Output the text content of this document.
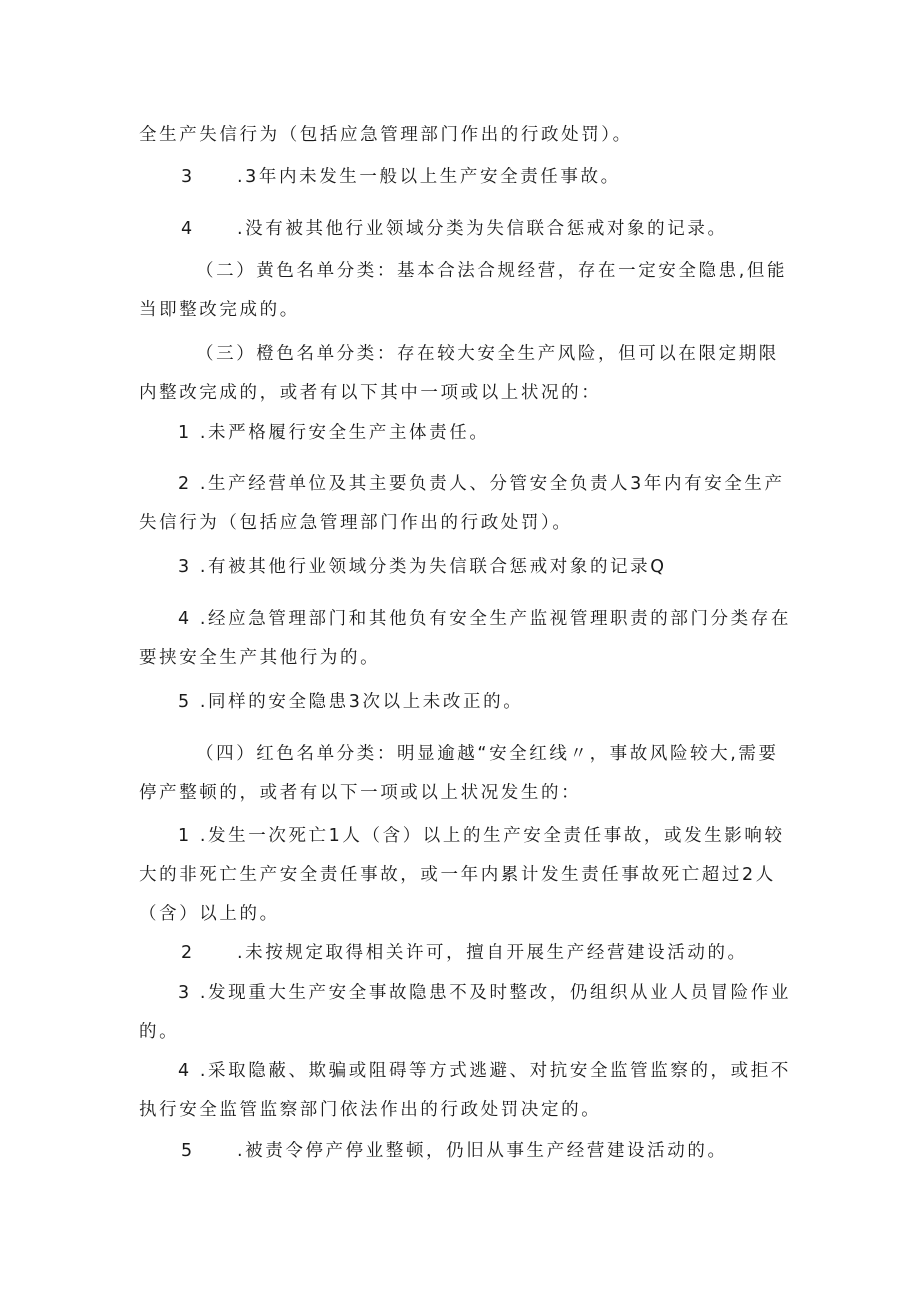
全生产失信行为（包括应急管理部门作出的行政处罚）。

3 .3年内未发生一般以上生产安全责任事故。

4 .没有被其他行业领域分类为失信联合惩戒对象的记录。

（二）黄色名单分类：基本合法合规经营，存在一定安全隐患,但能当即整改完成的。

（三）橙色名单分类：存在较大安全生产风险，但可以在限定期限内整改完成的，或者有以下其中一项或以上状况的：

1 .未严格履行安全生产主体责任。

2 .生产经营单位及其主要负责人、分管安全负责人3年内有安全生产失信行为（包括应急管理部门作出的行政处罚）。

3 .有被其他行业领域分类为失信联合惩戒对象的记录Q

4 .经应急管理部门和其他负有安全生产监视管理职责的部门分类存在要挟安全生产其他行为的。

5 .同样的安全隐患3次以上未改正的。

（四）红色名单分类：明显逾越“安全红线〃，事故风险较大,需要停产整顿的，或者有以下一项或以上状况发生的：

1 .发生一次死亡1人（含）以上的生产安全责任事故，或发生影响较大的非死亡生产安全责任事故，或一年内累计发生责任事故死亡超过2人（含）以上的。

2 .未按规定取得相关许可，擅自开展生产经营建设活动的。

3 .发现重大生产安全事故隐患不及时整改，仍组织从业人员冒险作业的。

4 .采取隐蔽、欺骗或阻碍等方式逃避、对抗安全监管监察的，或拒不执行安全监管监察部门依法作出的行政处罚决定的。

5 .被责令停产停业整顿，仍旧从事生产经营建设活动的。
